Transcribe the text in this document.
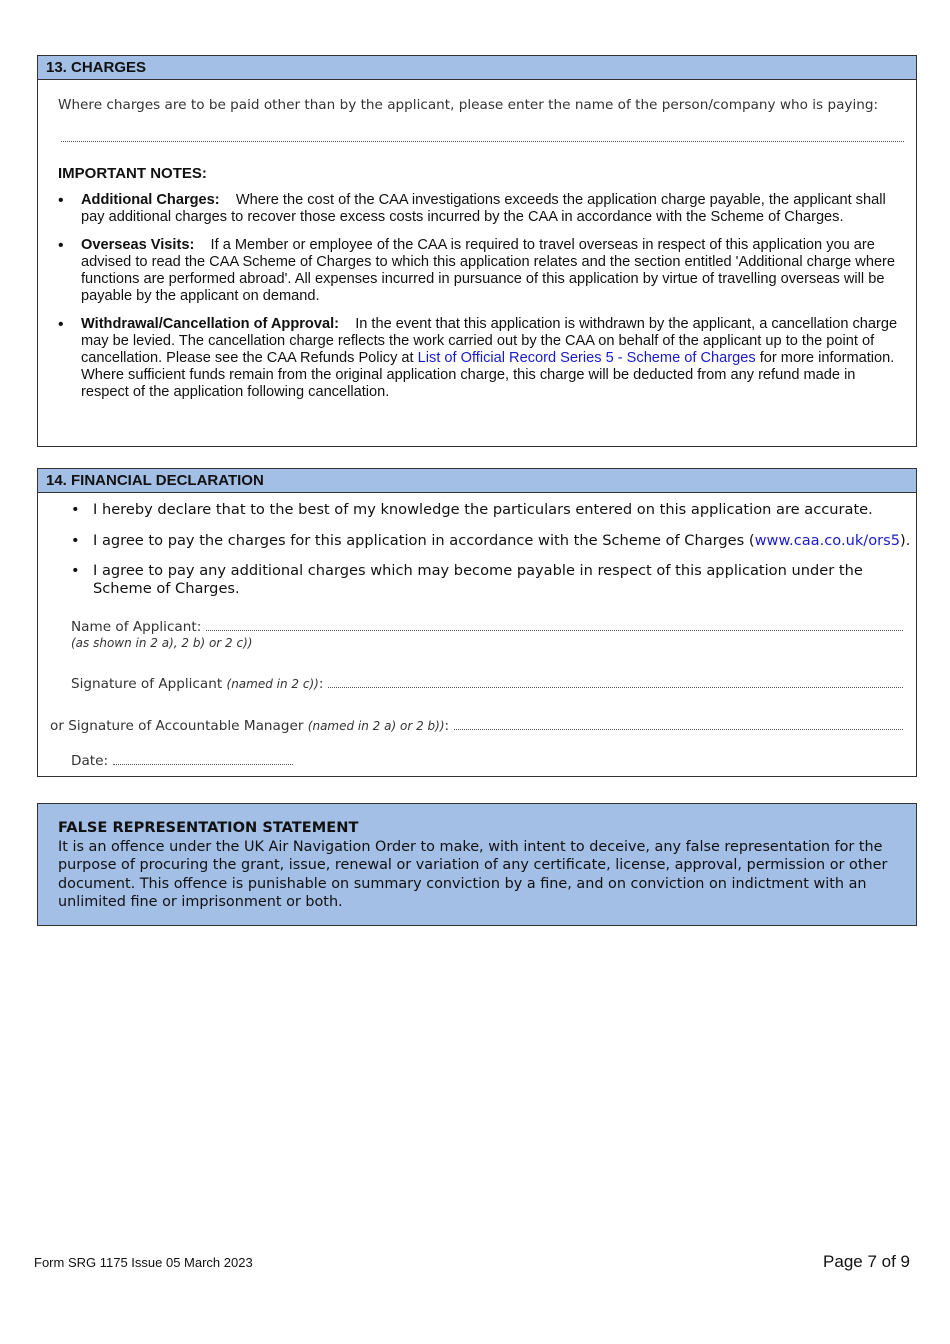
13. CHARGES

Where charges are to be paid other than by the applicant, please enter the name of the person/company who is paying:

IMPORTANT NOTES:
• Additional Charges: Where the cost of the CAA investigations exceeds the application charge payable, the applicant shall pay additional charges to recover those excess costs incurred by the CAA in accordance with the Scheme of Charges.
• Overseas Visits: If a Member or employee of the CAA is required to travel overseas in respect of this application you are advised to read the CAA Scheme of Charges to which this application relates and the section entitled 'Additional charge where functions are performed abroad'. All expenses incurred in pursuance of this application by virtue of travelling overseas will be payable by the applicant on demand.
• Withdrawal/Cancellation of Approval: In the event that this application is withdrawn by the applicant, a cancellation charge may be levied. The cancellation charge reflects the work carried out by the CAA on behalf of the applicant up to the point of cancellation. Please see the CAA Refunds Policy at List of Official Record Series 5 - Scheme of Charges for more information. Where sufficient funds remain from the original application charge, this charge will be deducted from any refund made in respect of the application following cancellation.
14. FINANCIAL DECLARATION
• I hereby declare that to the best of my knowledge the particulars entered on this application are accurate.
• I agree to pay the charges for this application in accordance with the Scheme of Charges (www.caa.co.uk/ors5).
• I agree to pay any additional charges which may become payable in respect of this application under the Scheme of Charges.
Name of Applicant:
(as shown in 2 a), 2 b) or 2 c))
Signature of Applicant
(named in 2 c)) :
or Signature of Accountable Manager
(named in 2 a) or 2 b)) :
Date:
FALSE REPRESENTATION STATEMENT
It is an offence under the UK Air Navigation Order to make, with intent to deceive, any false representation for the purpose of procuring the grant, issue, renewal or variation of any certificate, license, approval, permission or other document. This offence is punishable on summary conviction by a fine, and on conviction on indictment with an unlimited fine or imprisonment or both.
Form SRG 1175 Issue 05 March 2023	Page 7 of 9
